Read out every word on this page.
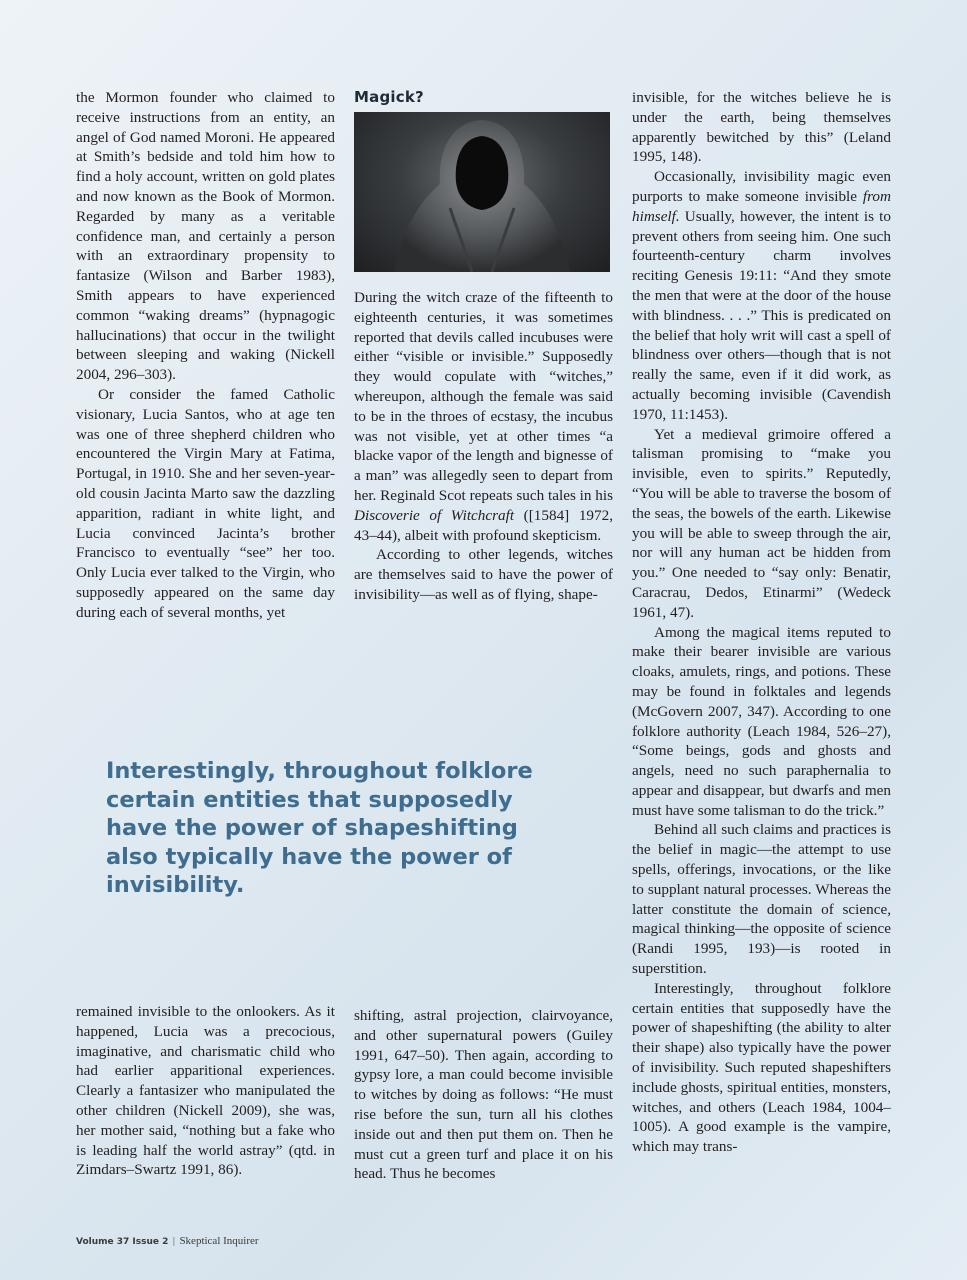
the Mormon founder who claimed to receive instructions from an entity, an angel of God named Moroni. He appeared at Smith’s bedside and told him how to find a holy account, written on gold plates and now known as the Book of Mormon. Regarded by many as a veritable confidence man, and certainly a person with an extraordinary propensity to fantasize (Wilson and Barber 1983), Smith appears to have experienced common “waking dreams” (hypnagogic hallucinations) that occur in the twilight between sleeping and waking (Nickell 2004, 296–303).

Or consider the famed Catholic visionary, Lucia Santos, who at age ten was one of three shepherd children who encountered the Virgin Mary at Fatima, Portugal, in 1910. She and her seven-year-old cousin Jacinta Marto saw the dazzling apparition, radiant in white light, and Lucia convinced Jacinta’s brother Francisco to eventually “see” her too. Only Lucia ever talked to the Virgin, who supposedly appeared on the same day during each of several months, yet

Magick?

During the witch craze of the fifteenth to eighteenth centuries, it was sometimes reported that devils called incubuses were either “visible or invisible.” Supposedly they would copulate with “witches,” whereupon, although the female was said to be in the throes of ecstasy, the incubus was not visible, yet at other times “a blacke vapor of the length and bignesse of a man” was allegedly seen to depart from her. Reginald Scot repeats such tales in his Discoverie of Witchcraft ([1584] 1972, 43–44), albeit with profound skepticism.

According to other legends, witches are themselves said to have the power of invisibility—as well as of flying, shape-

invisible, for the witches believe he is under the earth, being themselves apparently bewitched by this” (Leland 1995, 148).

Occasionally, invisibility magic even purports to make someone invisible from himself. Usually, however, the intent is to prevent others from seeing him. One such fourteenth-century charm involves reciting Genesis 19:11: “And they smote the men that were at the door of the house with blindness. . . .” This is predicated on the belief that holy writ will cast a spell of blindness over others—though that is not really the same, even if it did work, as actually becoming invisible (Cavendish 1970, 11:1453).

Yet a medieval grimoire offered a talisman promising to “make you invisible, even to spirits.” Reputedly, “You will be able to traverse the bosom of the seas, the bowels of the earth. Likewise you will be able to sweep through the air, nor will any human act be hidden from you.” One needed to “say only: Benatir, Caracrau, Dedos, Etinarmi” (Wedeck 1961, 47).

Among the magical items reputed to make their bearer invisible are various cloaks, amulets, rings, and potions. These may be found in folktales and legends (McGovern 2007, 347). According to one folklore authority (Leach 1984, 526–27), “Some beings, gods and ghosts and angels, need no such paraphernalia to appear and disappear, but dwarfs and men must have some talisman to do the trick.”

Behind all such claims and practices is the belief in magic—the attempt to use spells, offerings, invocations, or the like to supplant natural processes. Whereas the latter constitute the domain of science, magical thinking—the opposite of science (Randi 1995, 193)—is rooted in superstition.

Interestingly, throughout folklore certain entities that supposedly have the power of shapeshifting (the ability to alter their shape) also typically have the power of invisibility. Such reputed shapeshifters include ghosts, spiritual entities, monsters, witches, and others (Leach 1984, 1004–1005). A good example is the vampire, which may trans-

Interestingly, throughout folklore certain entities that supposedly have the power of shapeshifting also typically have the power of invisibility.

remained invisible to the onlookers. As it happened, Lucia was a precocious, imaginative, and charismatic child who had earlier apparitional experiences. Clearly a fantasizer who manipulated the other children (Nickell 2009), she was, her mother said, “nothing but a fake who is leading half the world astray” (qtd. in Zimdars–Swartz 1991, 86).

shifting, astral projection, clairvoyance, and other supernatural powers (Guiley 1991, 647–50). Then again, according to gypsy lore, a man could become invisible to witches by doing as follows: “He must rise before the sun, turn all his clothes inside out and then put them on. Then he must cut a green turf and place it on his head. Thus he becomes

Volume 37 Issue 2 | Skeptical Inquirer
